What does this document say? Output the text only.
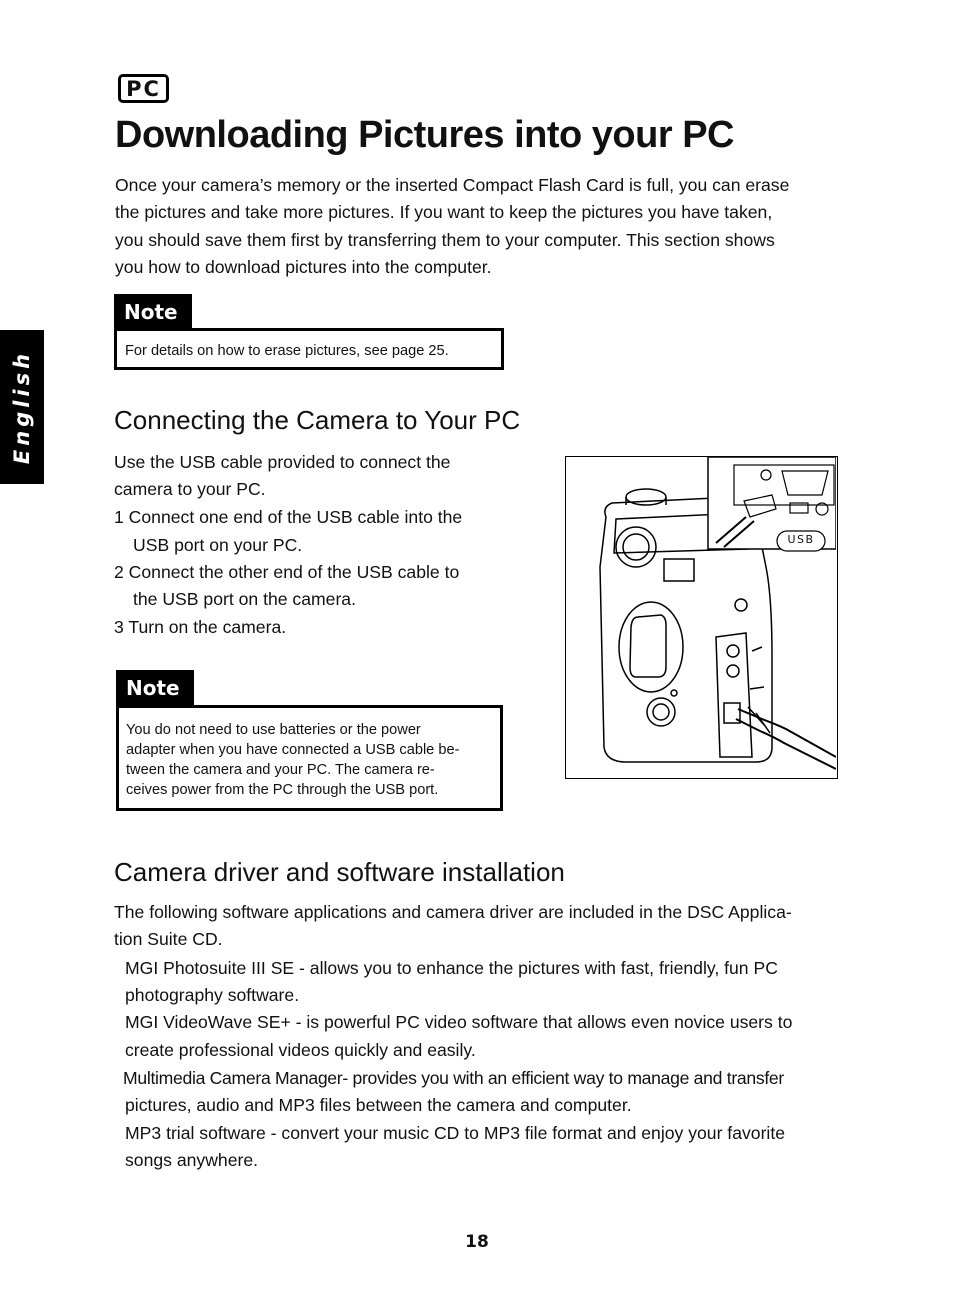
English
PC
Downloading Pictures into your PC

Once your camera’s memory or the inserted Compact Flash Card is full, you can erase

the pictures and take more pictures. If you want to keep the pictures you have taken,

you should save them first by transferring them to your computer. This section shows

you how to download pictures into the computer.

Note
For details on how to erase pictures, see page 25.
Connecting the Camera to Your PC

Use the USB cable provided to connect the

camera to your PC.

1 Connect one end of the USB cable into the

USB port on your PC.

2 Connect the other end of the USB cable to

the USB port on the camera.

3 Turn on the camera.

Note
You do not need to use batteries or the power
adapter when you have connected a USB cable be-
tween the camera and your PC. The camera re-
ceives power from the PC through the USB port.
USB
Camera driver and software installation

The following software applications and camera driver are included in the DSC Applica-

tion Suite CD.

MGI Photosuite III SE - allows you to enhance the pictures with fast, friendly, fun PC

photography software.

MGI VideoWave SE+ - is powerful PC video software that allows even novice users to

create professional videos quickly and easily.

Multimedia Camera Manager- provides you with an efficient way to manage and transfer

pictures, audio and MP3 files between the camera and computer.

MP3 trial software - convert your music CD to MP3 file format and enjoy your favorite

songs anywhere.

18
